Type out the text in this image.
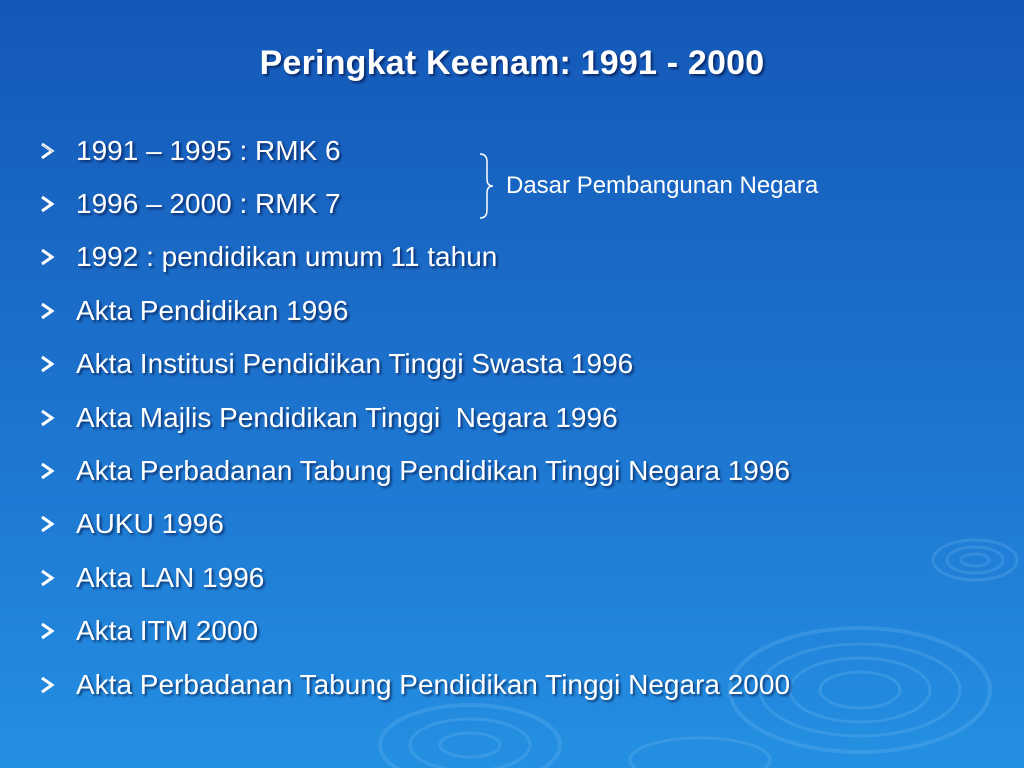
Peringkat Keenam: 1991 - 2000
1991 – 1995 : RMK 6
1996 – 2000 : RMK 7
1992 : pendidikan umum 11 tahun
Akta Pendidikan 1996
Akta Institusi Pendidikan Tinggi Swasta 1996
Akta Majlis Pendidikan Tinggi  Negara 1996
Akta Perbadanan Tabung Pendidikan Tinggi Negara 1996
AUKU 1996
Akta LAN 1996
Akta ITM 2000
Akta Perbadanan Tabung Pendidikan Tinggi Negara 2000
Dasar Pembangunan Negara
